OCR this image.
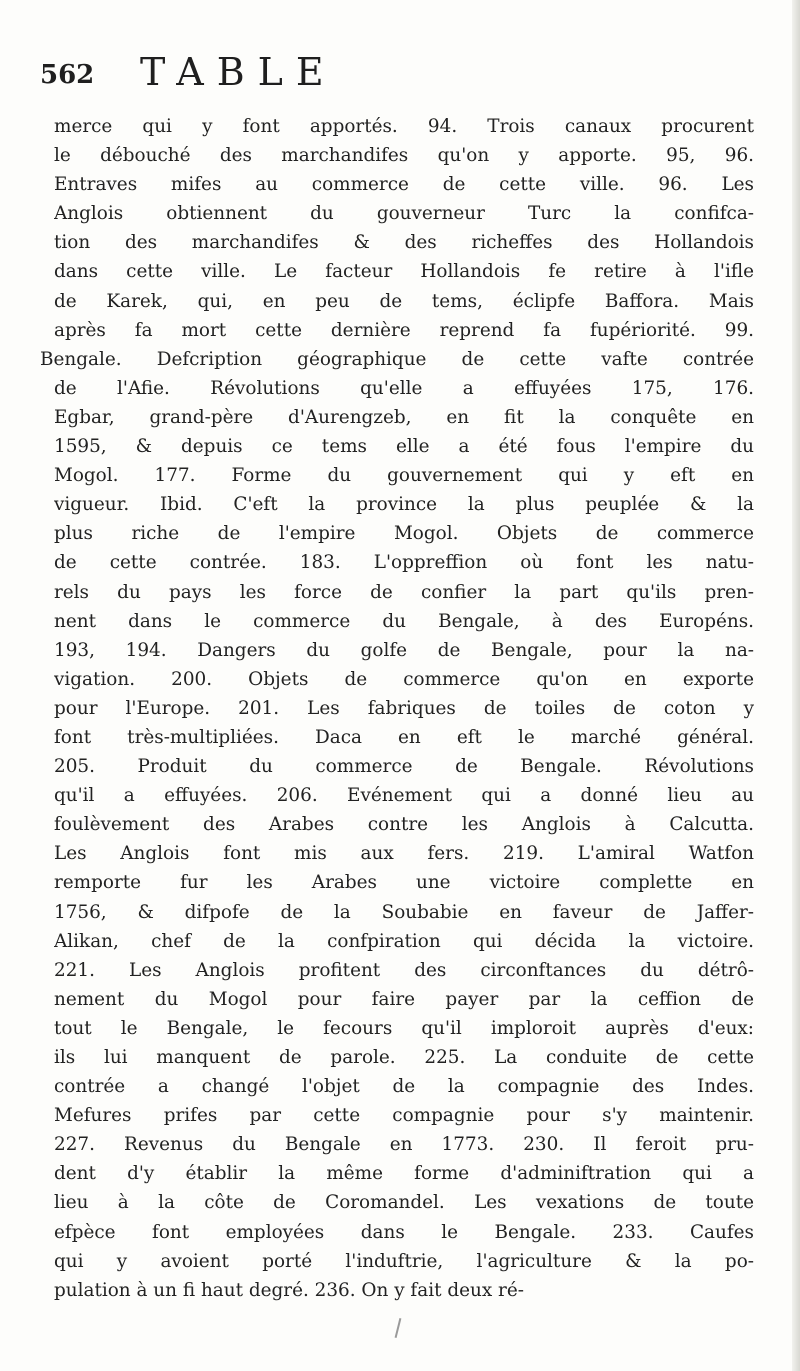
562 TABLE
merce qui y font apportés. 94. Trois canaux procurent
le débouché des marchandifes qu'on y apporte. 95, 96.
Entraves mifes au commerce de cette ville. 96. Les
Anglois obtiennent du gouverneur Turc la confifca-
tion des marchandifes & des richeffes des Hollandois
dans cette ville. Le facteur Hollandois fe retire à l'ifle
de Karek, qui, en peu de tems, éclipfe Baffora. Mais
après fa mort cette dernière reprend fa fupériorité. 99.
Bengale. Defcription géographique de cette vafte contrée
de l'Afie. Révolutions qu'elle a effuyées 175, 176.
Egbar, grand-père d'Aurengzeb, en fit la conquête en
1595, & depuis ce tems elle a été fous l'empire du
Mogol. 177. Forme du gouvernement qui y eft en
vigueur. Ibid. C'eft la province la plus peuplée & la
plus riche de l'empire Mogol. Objets de commerce
de cette contrée. 183. L'oppreffion où font les natu-
rels du pays les force de confier la part qu'ils pren-
nent dans le commerce du Bengale, à des Européns.
193, 194. Dangers du golfe de Bengale, pour la na-
vigation. 200. Objets de commerce qu'on en exporte
pour l'Europe. 201. Les fabriques de toiles de coton y
font très-multipliées. Daca en eft le marché général.
205. Produit du commerce de Bengale. Révolutions
qu'il a effuyées. 206. Evénement qui a donné lieu au
foulèvement des Arabes contre les Anglois à Calcutta.
Les Anglois font mis aux fers. 219. L'amiral Watfon
remporte fur les Arabes une victoire complette en
1756, & difpofe de la Soubabie en faveur de Jaffer-
Alikan, chef de la confpiration qui décida la victoire.
221. Les Anglois profitent des circonftances du détrô-
nement du Mogol pour faire payer par la ceffion de
tout le Bengale, le fecours qu'il imploroit auprès d'eux:
ils lui manquent de parole. 225. La conduite de cette
contrée a changé l'objet de la compagnie des Indes.
Mefures prifes par cette compagnie pour s'y maintenir.
227. Revenus du Bengale en 1773. 230. Il feroit pru-
dent d'y établir la même forme d'adminiftration qui a
lieu à la côte de Coromandel. Les vexations de toute
efpèce font employées dans le Bengale. 233. Caufes
qui y avoient porté l'induftrie, l'agriculture & la po-
pulation à un fi haut degré. 236. On y fait deux ré-
